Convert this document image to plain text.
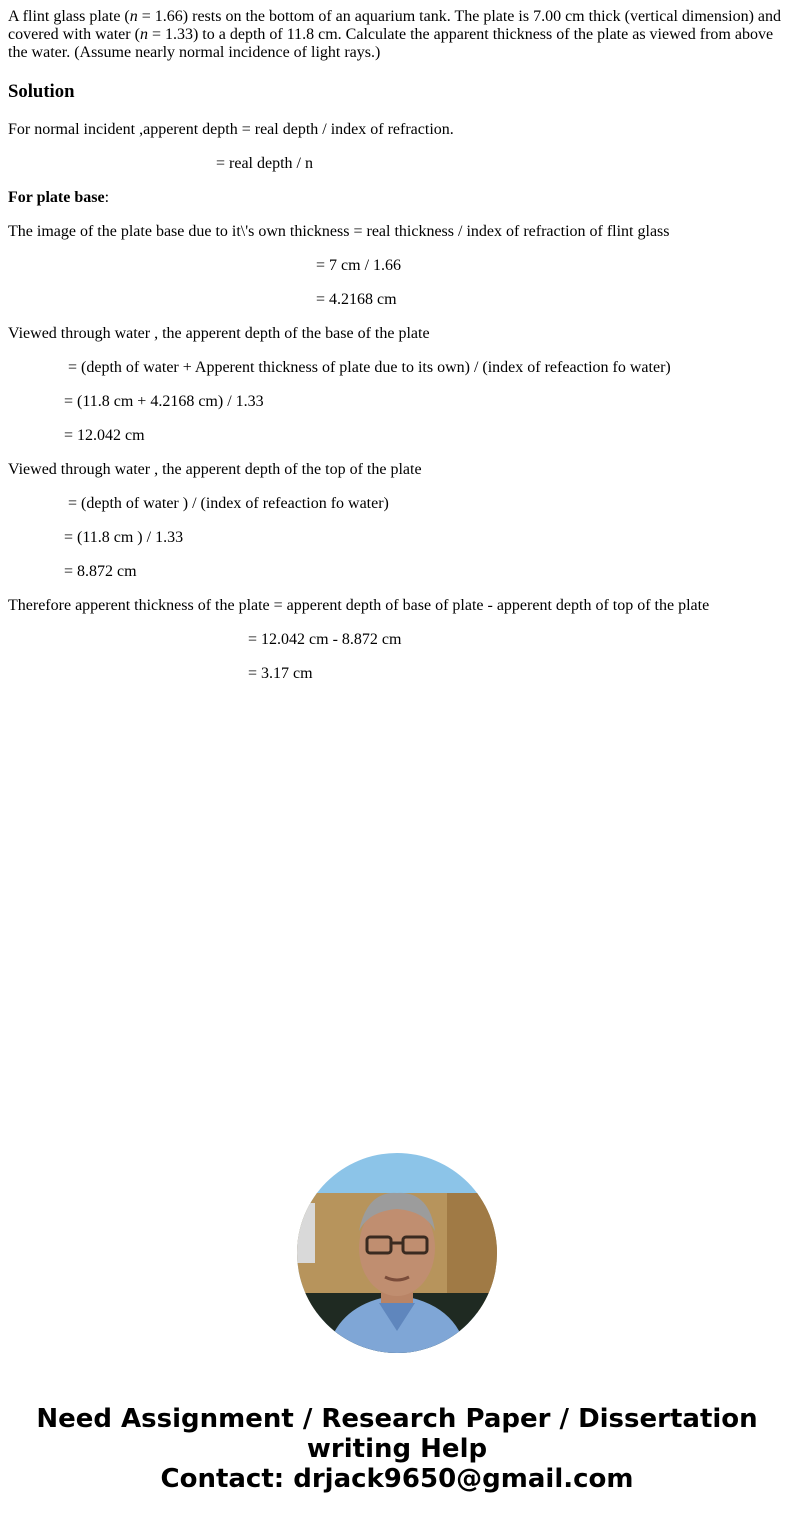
A flint glass plate (n = 1.66) rests on the bottom of an aquarium tank. The plate is 7.00 cm thick (vertical dimension) and covered with water (n = 1.33) to a depth of 11.8 cm. Calculate the apparent thickness of the plate as viewed from above the water. (Assume nearly normal incidence of light rays.)

Solution

For normal incident ,apperent depth = real depth / index of refraction.

= real depth / n

For plate base:

The image of the plate base due to it\'s own thickness = real thickness / index of refraction of flint glass

= 7 cm / 1.66

= 4.2168 cm

Viewed through water , the apperent depth of the base of the plate

= (depth of water + Apperent thickness of plate due to its own) / (index of refeaction fo water)

= (11.8 cm + 4.2168 cm) / 1.33

= 12.042 cm

Viewed through water , the apperent depth of the top of the plate

= (depth of water ) / (index of refeaction fo water)

= (11.8 cm ) / 1.33

= 8.872 cm

Therefore apperent thickness of the plate = apperent depth of base of plate - apperent depth of top of the plate

= 12.042 cm - 8.872 cm

= 3.17 cm

Need Assignment / Research Paper / Dissertation
writing Help
Contact: drjack9650@gmail.com
